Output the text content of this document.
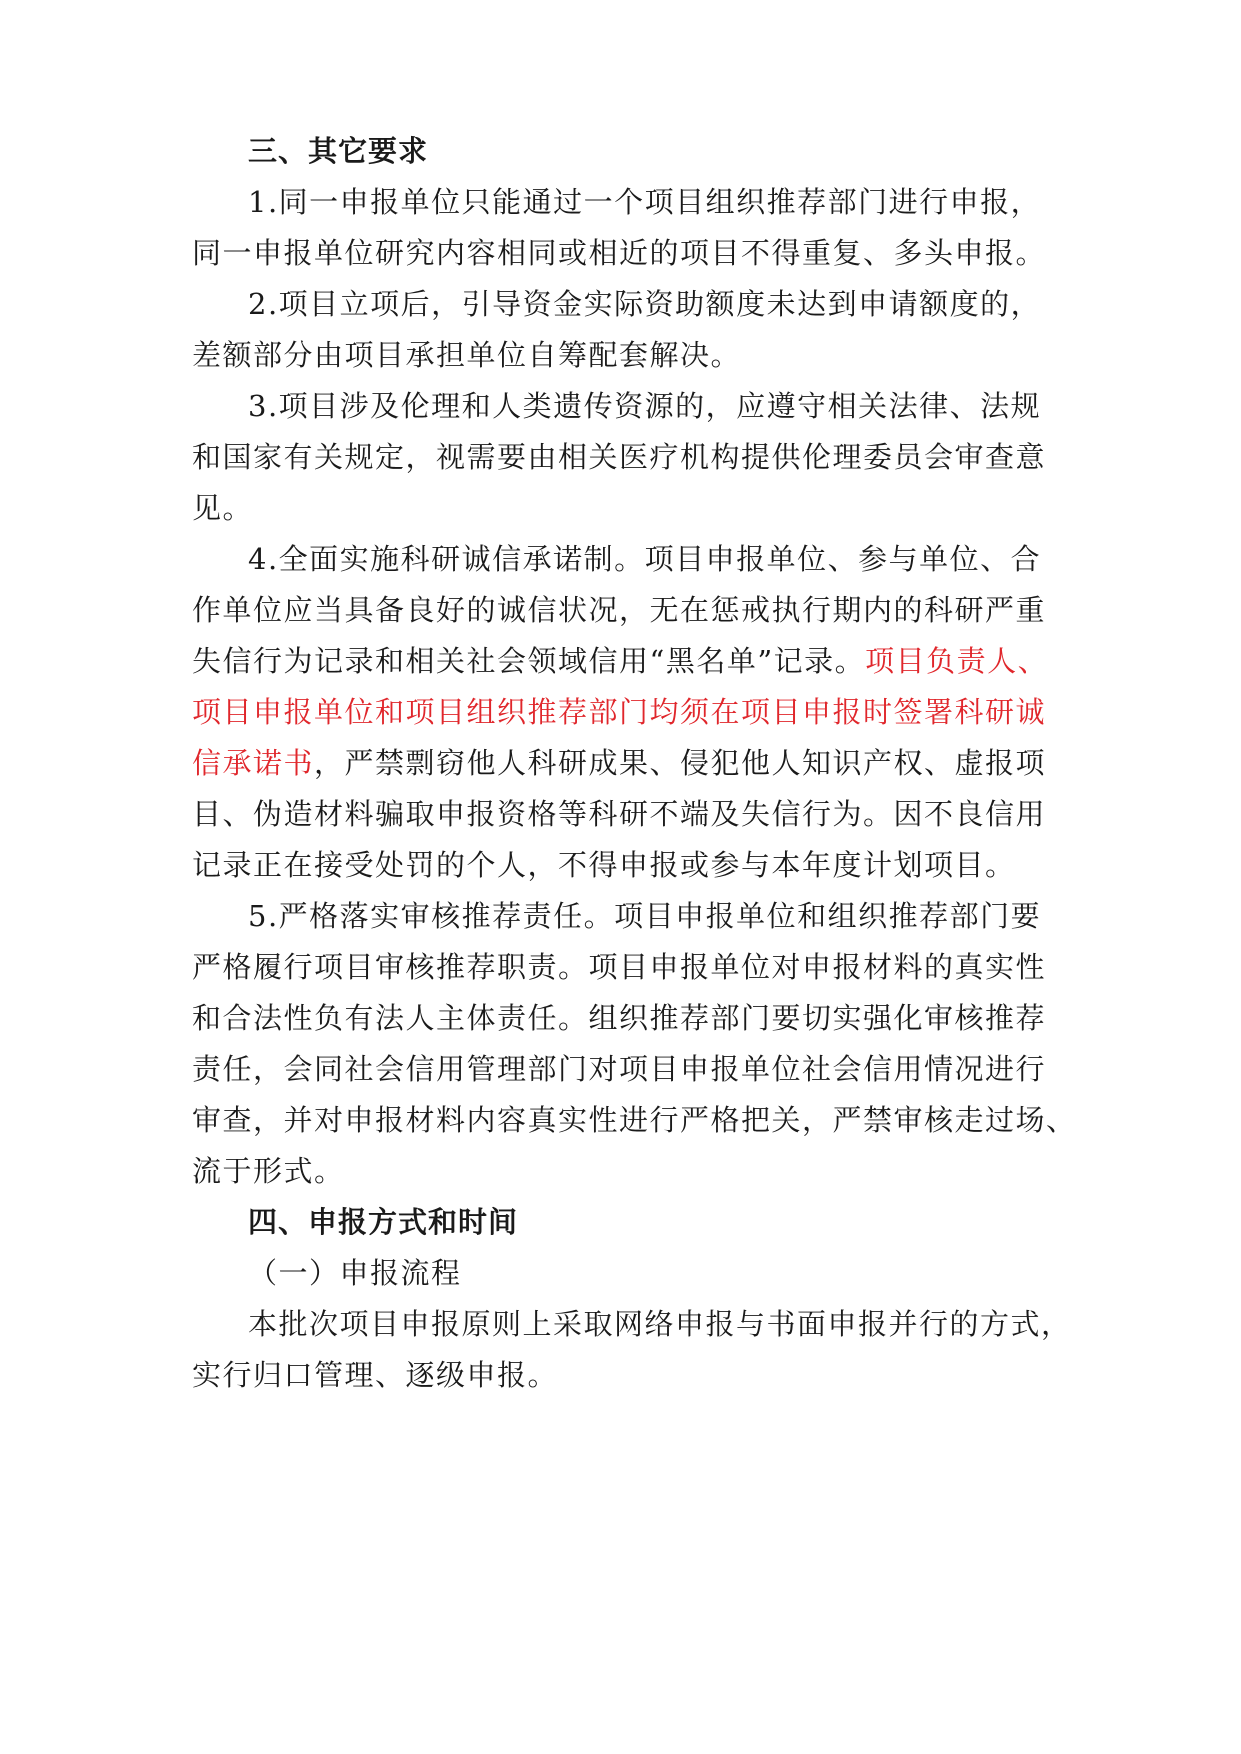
三、其它要求
1.同一申报单位只能通过一个项目组织推荐部门进行申报，
同一申报单位研究内容相同或相近的项目不得重复、多头申报。
2.项目立项后，引导资金实际资助额度未达到申请额度的，
差额部分由项目承担单位自筹配套解决。
3.项目涉及伦理和人类遗传资源的，应遵守相关法律、法规
和国家有关规定，视需要由相关医疗机构提供伦理委员会审查意
见。
4.全面实施科研诚信承诺制。项目申报单位、参与单位、合
作单位应当具备良好的诚信状况，无在惩戒执行期内的科研严重
失信行为记录和相关社会领域信用“黑名单”记录。项目负责人、
项目申报单位和项目组织推荐部门均须在项目申报时签署科研诚
信承诺书，严禁剽窃他人科研成果、侵犯他人知识产权、虚报项
目、伪造材料骗取申报资格等科研不端及失信行为。因不良信用
记录正在接受处罚的个人，不得申报或参与本年度计划项目。
5.严格落实审核推荐责任。项目申报单位和组织推荐部门要
严格履行项目审核推荐职责。项目申报单位对申报材料的真实性
和合法性负有法人主体责任。组织推荐部门要切实强化审核推荐
责任，会同社会信用管理部门对项目申报单位社会信用情况进行
审查，并对申报材料内容真实性进行严格把关，严禁审核走过场、
流于形式。
四、申报方式和时间
（一）申报流程
本批次项目申报原则上采取网络申报与书面申报并行的方式，
实行归口管理、逐级申报。
